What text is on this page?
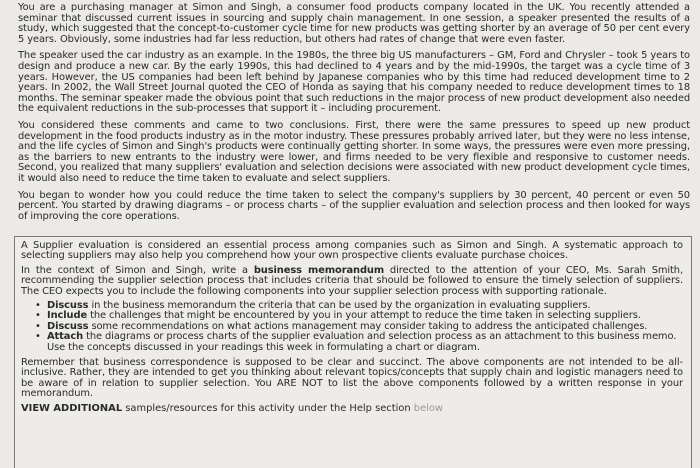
You are a purchasing manager at Simon and Singh, a consumer food products company located in the UK. You recently attended a seminar that discussed current issues in sourcing and supply chain management. In one session, a speaker presented the results of a study, which suggested that the concept-to-customer cycle time for new products was getting shorter by an average of 50 per cent every 5 years. Obviously, some industries had far less reduction, but others had rates of change that were even faster.

The speaker used the car industry as an example. In the 1980s, the three big US manufacturers – GM, Ford and Chrysler – took 5 years to design and produce a new car. By the early 1990s, this had declined to 4 years and by the mid-1990s, the target was a cycle time of 3 years. However, the US companies had been left behind by Japanese companies who by this time had reduced development time to 2 years. In 2002, the Wall Street Journal quoted the CEO of Honda as saying that his company needed to reduce development times to 18 months. The seminar speaker made the obvious point that such reductions in the major process of new product development also needed the equivalent reductions in the sub-processes that support it – including procurement.

You considered these comments and came to two conclusions. First, there were the same pressures to speed up new product development in the food products industry as in the motor industry. These pressures probably arrived later, but they were no less intense, and the life cycles of Simon and Singh's products were continually getting shorter. In some ways, the pressures were even more pressing, as the barriers to new entrants to the industry were lower, and firms needed to be very flexible and responsive to customer needs. Second, you realized that many suppliers' evaluation and selection decisions were associated with new product development cycle times, it would also need to reduce the time taken to evaluate and select suppliers.

You began to wonder how you could reduce the time taken to select the company's suppliers by 30 percent, 40 percent or even 50 percent. You started by drawing diagrams – or process charts – of the supplier evaluation and selection process and then looked for ways of improving the core operations.

A Supplier evaluation is considered an essential process among companies such as Simon and Singh. A systematic approach to selecting suppliers may also help you comprehend how your own prospective clients evaluate purchase choices.

In the context of Simon and Singh, write a business memorandum directed to the attention of your CEO, Ms. Sarah Smith, recommending the supplier selection process that includes criteria that should be followed to ensure the timely selection of suppliers. The CEO expects you to include the following components into your supplier selection process with supporting rationale.

• Discuss in the business memorandum the criteria that can be used by the organization in evaluating suppliers.
• Include the challenges that might be encountered by you in your attempt to reduce the time taken in selecting suppliers.
• Discuss some recommendations on what actions management may consider taking to address the anticipated challenges.
• Attach the diagrams or process charts of the supplier evaluation and selection process as an attachment to this business memo. Use the concepts discussed in your readings this week in formulating a chart or diagram.

Remember that business correspondence is supposed to be clear and succinct. The above components are not intended to be all-inclusive. Rather, they are intended to get you thinking about relevant topics/concepts that supply chain and logistic managers need to be aware of in relation to supplier selection. You ARE NOT to list the above components followed by a written response in your memorandum.

VIEW ADDITIONAL samples/resources for this activity under the Help section below
